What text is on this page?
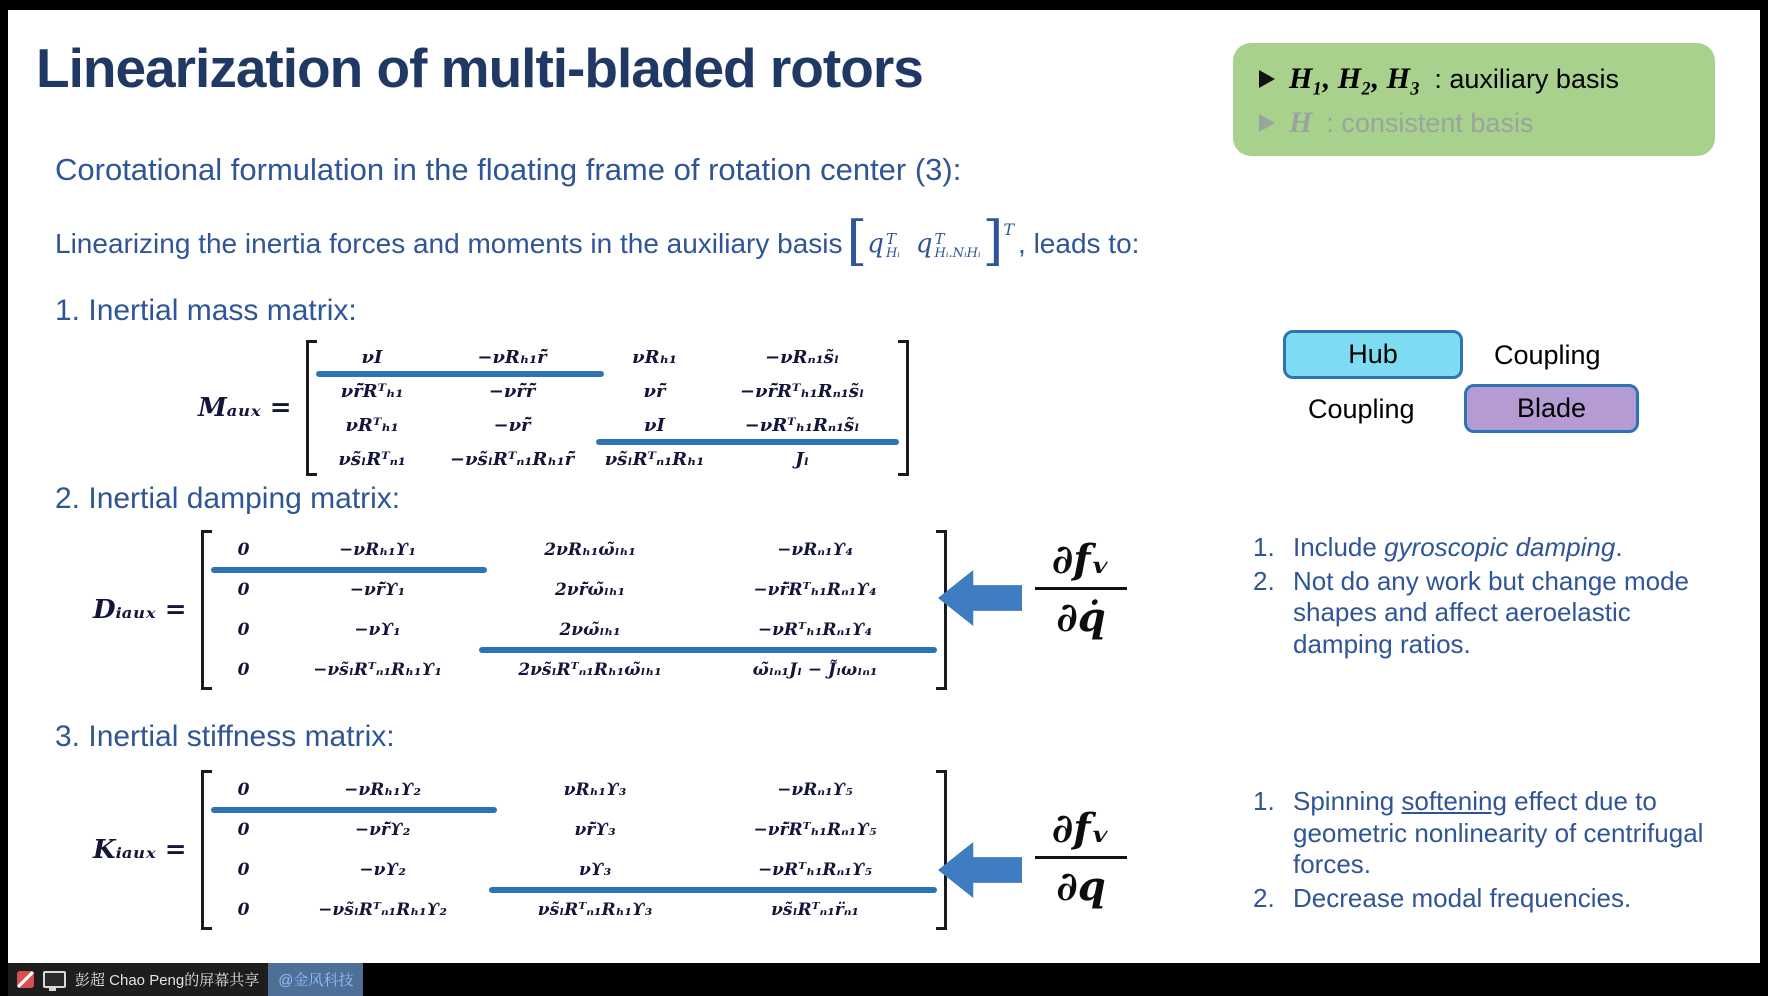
Linearization of multi-bladed rotors	H₁, H₂, H₃ : auxiliary basis
H : consistent basis
Corotational formulation in the floating frame of rotation center (3):
Linearizing the inertia forces and moments in the auxiliary basis [ q T
Hᵢ q T
Hᵢ.NᵢHᵢ ] T , leads to:
1. Inertial mass matrix:
Mₐᵤₓ =
νI	−νRₕ₁r̄̃	νRₕ₁	−νRₙ₁s̃ₗ
νr̄̃Rᵀₕ₁	−νr̄̃r̄̃	νr̄̃	−νr̄̃Rᵀₕ₁Rₙ₁s̃ₗ
νRᵀₕ₁	−νr̄̃	νI	−νRᵀₕ₁Rₙ₁s̃ₗ
νs̃ₗRᵀₙ₁	−νs̃ₗRᵀₙ₁Rₕ₁r̄̃	νs̃ₗRᵀₙ₁Rₕ₁	Jₗ
2. Inertial damping matrix:
Dᵢₐᵤₓ =
0	−νRₕ₁ϒ₁	2νRₕ₁ω̃ₗₕ₁	−νRₙ₁ϒ₄
0	−νr̄̃ϒ₁	2νr̄̃ω̃ₗₕ₁	−νr̄̃Rᵀₕ₁Rₙ₁ϒ₄
0	−νϒ₁	2νω̃ₗₕ₁	−νRᵀₕ₁Rₙ₁ϒ₄
0	−νs̃ₗRᵀₙ₁Rₕ₁ϒ₁	2νs̃ₗRᵀₙ₁Rₕ₁ω̃ₗₕ₁	ω̃ₗₙ₁Jₗ − J̃ₗωₗₙ₁
3. Inertial stiffness matrix:
Kᵢₐᵤₓ =
0	−νRₕ₁ϒ₂	νRₕ₁ϒ₃	−νRₙ₁ϒ₅
0	−νr̄̃ϒ₂	νr̄̃ϒ₃	−νr̄̃Rᵀₕ₁Rₙ₁ϒ₅
0	−νϒ₂	νϒ₃	−νRᵀₕ₁Rₙ₁ϒ₅
0	−νs̃ₗRᵀₙ₁Rₕ₁ϒ₂	νs̃ₗRᵀₙ₁Rₕ₁ϒ₃	νs̃ₗRᵀₙ₁r̈ₙ₁
Hub	Coupling
Coupling	Blade
∂fᵥ
∂q̇
1. Include gyroscopic damping.
2. Not do any work but change mode shapes and affect aeroelastic damping ratios.
∂fᵥ
∂q
1. Spinning softening effect due to geometric nonlinearity of centrifugal forces.
2. Decrease modal frequencies.
彭超 Chao Peng的屏幕共享 @金风科技
